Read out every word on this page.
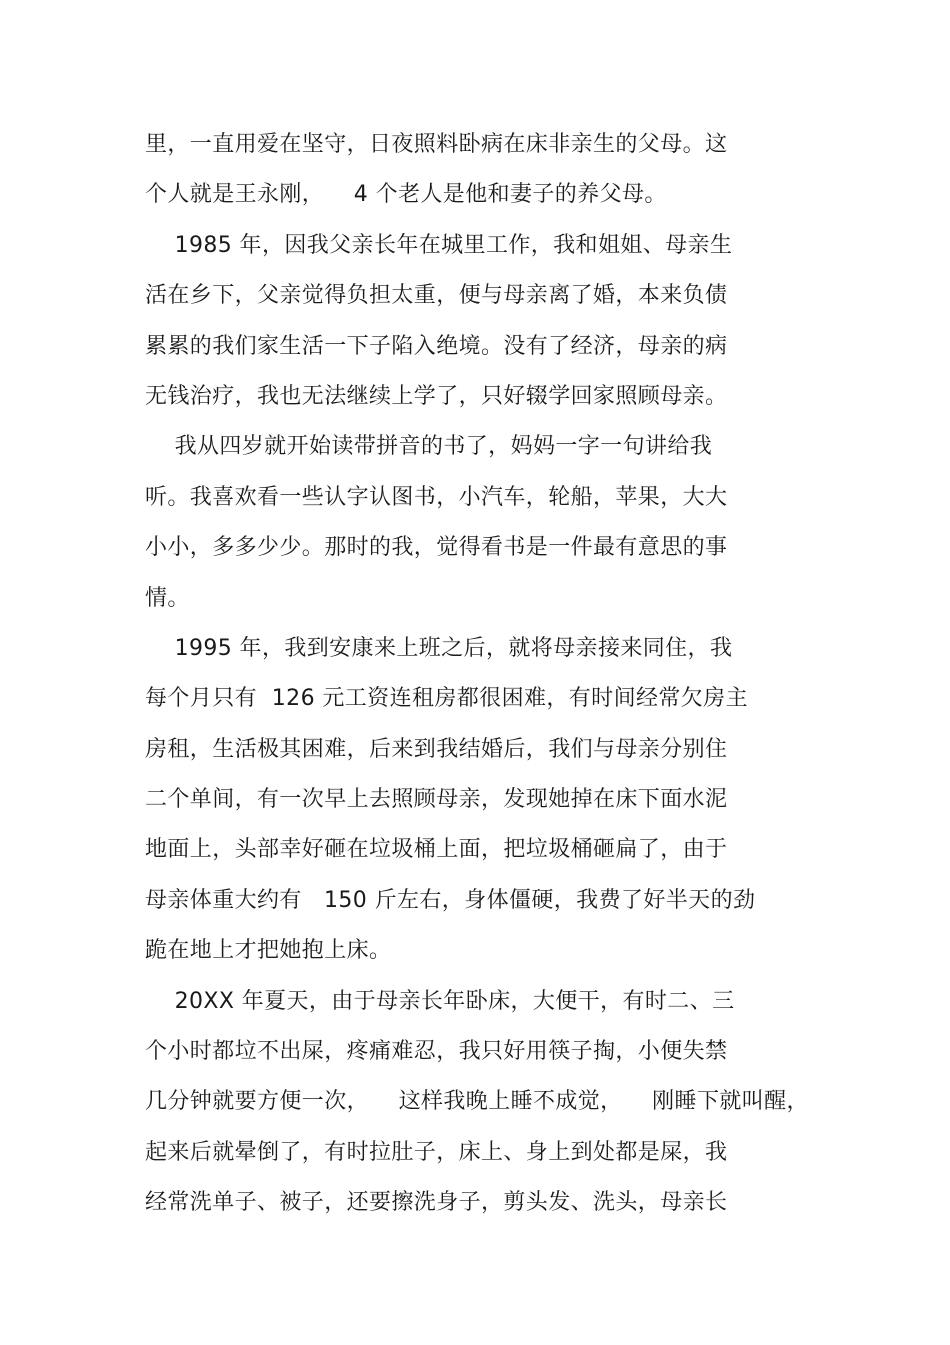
里，一直用爱在坚守，日夜照料卧病在床非亲生的父母。这
个人就是王永刚，    4 个老人是他和妻子的养父母。
1985 年，因我父亲长年在城里工作，我和姐姐、母亲生
活在乡下，父亲觉得负担太重，便与母亲离了婚，本来负债
累累的我们家生活一下子陷入绝境。没有了经济，母亲的病
无钱治疗，我也无法继续上学了，只好辍学回家照顾母亲。
我从四岁就开始读带拼音的书了，妈妈一字一句讲给我
听。我喜欢看一些认字认图书，小汽车，轮船，苹果，大大
小小，多多少少。那时的我，觉得看书是一件最有意思的事
情。
1995 年，我到安康来上班之后，就将母亲接来同住，我
每个月只有  126 元工资连租房都很困难，有时间经常欠房主
房租，生活极其困难，后来到我结婚后，我们与母亲分别住
二个单间，有一次早上去照顾母亲，发现她掉在床下面水泥
地面上，头部幸好砸在垃圾桶上面，把垃圾桶砸扁了，由于
母亲体重大约有   150 斤左右，身体僵硬，我费了好半天的劲
跪在地上才把她抱上床。
20XX 年夏天，由于母亲长年卧床，大便干，有时二、三
个小时都垃不出屎，疼痛难忍，我只好用筷子掏，小便失禁
几分钟就要方便一次，    这样我晚上睡不成觉，    刚睡下就叫醒，
起来后就晕倒了，有时拉肚子，床上、身上到处都是屎，我
经常洗单子、被子，还要擦洗身子，剪头发、洗头，母亲长
